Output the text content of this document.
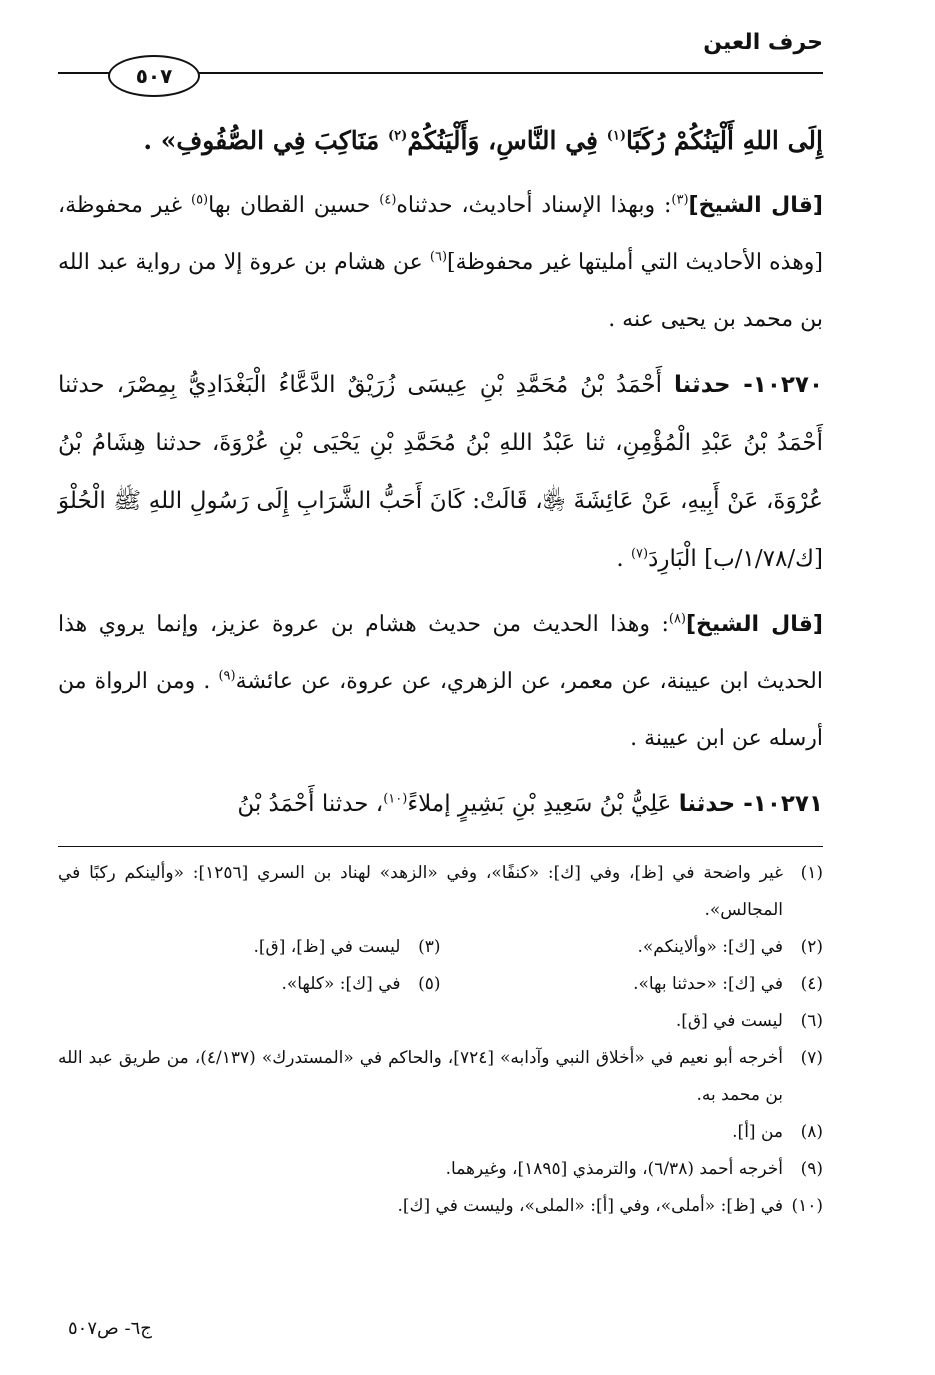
حرف العين
٥٠٧

إِلَى اللهِ أَلْيَنُكُمْ رُكَبًا$^{(١)}$ فِي النَّاسِ، وَأَلْيَنُكُمْ$^{(٢)}$ مَنَاكِبَ فِي الصُّفُوفِ» .

[قال الشيخ]$^{(٣)}$: وبهذا الإسناد أحاديث، حدثناه$^{(٤)}$ حسين القطان بها$^{(٥)}$ غير محفوظة، [وهذه الأحاديث التي أمليتها غير محفوظة]$^{(٦)}$ عن هشام بن عروة إلا من رواية عبد الله بن محمد بن يحيى عنه .

١٠٢٧٠- حدثنا أَحْمَدُ بْنُ مُحَمَّدِ بْنِ عِيسَى زُرَيْقٌ الدَّعَّاءُ الْبَغْدَادِيُّ بِمِصْرَ، حدثنا أَحْمَدُ بْنُ عَبْدِ الْمُؤْمِنِ، ثنا عَبْدُ اللهِ بْنُ مُحَمَّدِ بْنِ يَحْيَى بْنِ عُرْوَةَ، حدثنا هِشَامُ بْنُ عُرْوَةَ، عَنْ أَبِيهِ، عَنْ عَائِشَةَ ﵂، قَالَتْ: كَانَ أَحَبُّ الشَّرَابِ إِلَى رَسُولِ اللهِ ﷺ الْحُلْوَ [ك/١/٧٨/ب] الْبَارِدَ$^{(٧)}$ .

[قال الشيخ]$^{(٨)}$: وهذا الحديث من حديث هشام بن عروة عزيز، وإنما يروي هذا الحديث ابن عيينة، عن معمر، عن الزهري، عن عروة، عن عائشة$^{(٩)}$ . ومن الرواة من أرسله عن ابن عيينة .

١٠٢٧١- حدثنا عَلِيُّ بْنُ سَعِيدِ بْنِ بَشِيرٍ إملاءً$^{(١٠)}$، حدثنا أَحْمَدُ بْنُ

(١)
غير واضحة في [ظ]، وفي [ك]: «كنفًا»، وفي «الزهد» لهناد بن السري [١٢٥٦]: «وألينكم ركبًا في المجالس».
(٢)
في [ك]: «وألاينكم».
(٣)
ليست في [ظ]، [ق].
(٤)
في [ك]: «حدثنا بها».
(٥)
في [ك]: «كلها».
(٦)
ليست في [ق].
(٧)
أخرجه أبو نعيم في «أخلاق النبي وآدابه» [٧٢٤]، والحاكم في «المستدرك» (٤/١٣٧)، من طريق عبد الله بن محمد به.
(٨)
من [أ].
(٩)
أخرجه أحمد (٦/٣٨)، والترمذي [١٨٩٥]، وغيرهما.
(١٠)
في [ظ]: «أملى»، وفي [أ]: «الملى»، وليست في [ك].
ج٦- ص٥٠٧
